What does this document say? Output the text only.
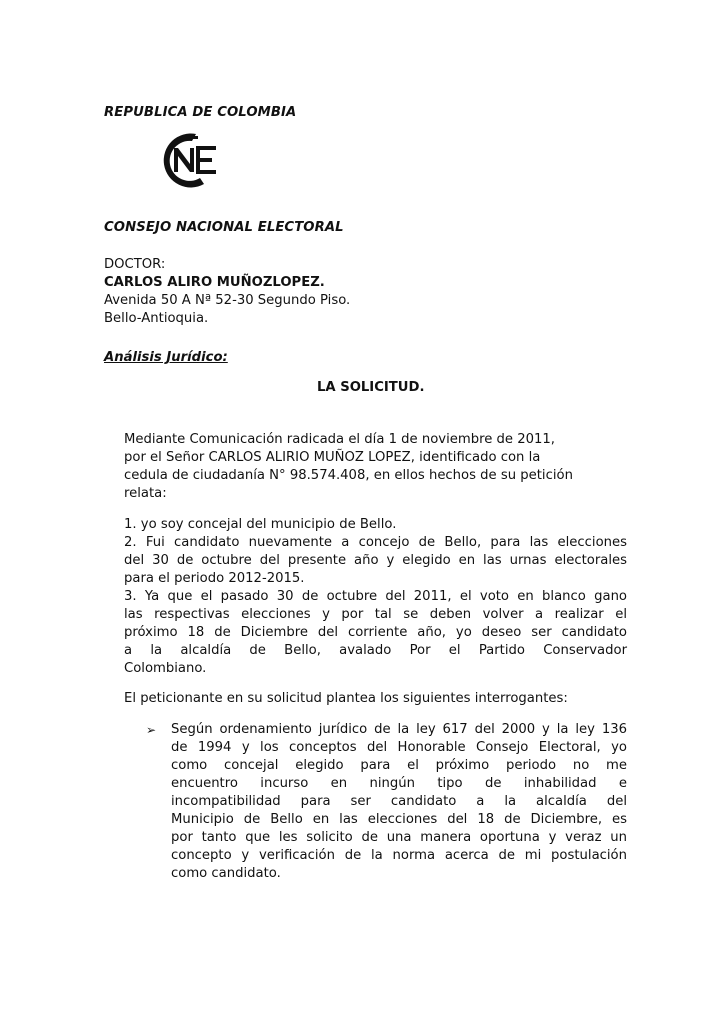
REPUBLICA DE COLOMBIA
CONSEJO NACIONAL ELECTORAL
DOCTOR:
CARLOS ALIRO MUÑOZLOPEZ.
Avenida 50 A Nª 52-30 Segundo Piso.
Bello-Antioquia.
Análisis Jurídico:
LA SOLICITUD.
Mediante Comunicación radicada el día 1 de noviembre de 2011,
por el Señor CARLOS ALIRIO MUÑOZ LOPEZ, identificado con la
cedula de ciudadanía N° 98.574.408, en ellos hechos de su petición
relata:
1. yo soy concejal del municipio de Bello.
2. Fui candidato nuevamente a concejo de Bello, para las elecciones
del 30 de octubre del presente año y elegido en las urnas electorales
para el periodo 2012-2015.
3. Ya que el pasado 30 de octubre del 2011, el voto en blanco gano
las respectivas elecciones y por tal se deben volver a realizar el
próximo 18 de Diciembre del corriente año, yo deseo ser candidato
a la alcaldía de Bello, avalado Por el Partido Conservador
Colombiano.
El peticionante en su solicitud plantea los siguientes interrogantes:
➢ Según ordenamiento jurídico de la ley 617 del 2000 y la ley 136
de 1994 y los conceptos del Honorable Consejo Electoral, yo
como concejal elegido para el próximo periodo no me
encuentro incurso en ningún tipo de inhabilidad e
incompatibilidad para ser candidato a la alcaldía del
Municipio de Bello en las elecciones del 18 de Diciembre, es
por tanto que les solicito de una manera oportuna y veraz un
concepto y verificación de la norma acerca de mi postulación
como candidato.
